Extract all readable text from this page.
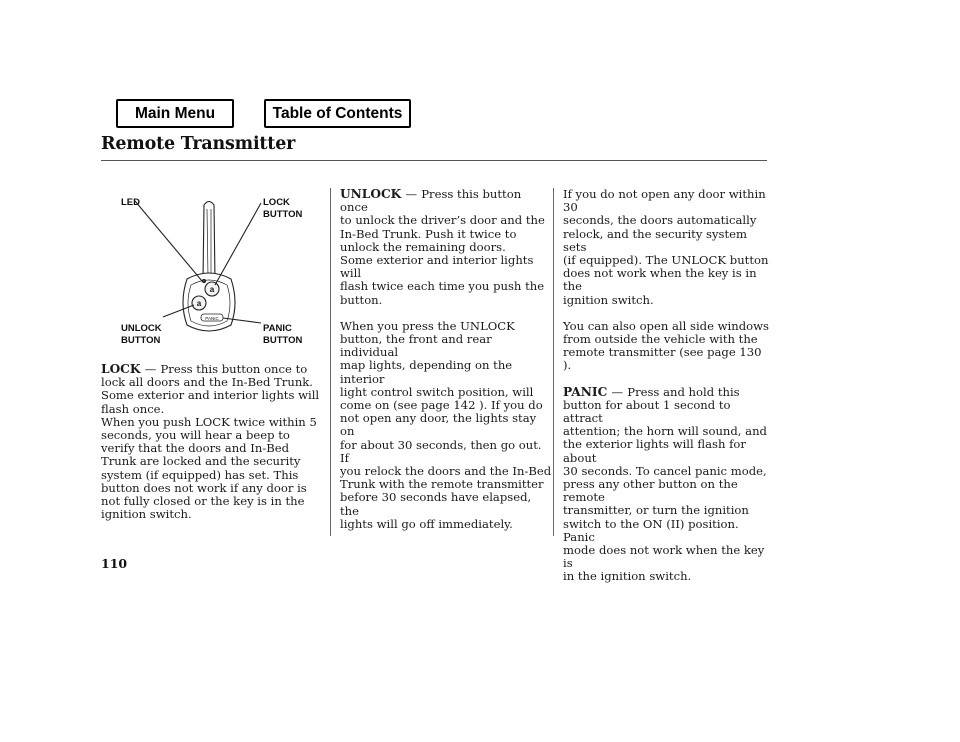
Main Menu	Table of Contents
Remote Transmitter
a
a
PANIC
LED	LOCK
BUTTON
UNLOCK
BUTTON
PANIC
BUTTON

LOCK — Press this button once to
lock all doors and the In-Bed Trunk.
Some exterior and interior lights will
flash once.
When you push LOCK twice within 5
seconds, you will hear a beep to
verify that the doors and In-Bed
Trunk are locked and the security
system (if equipped) has set. This
button does not work if any door is
not fully closed or the key is in the
ignition switch.

UNLOCK — Press this button once
to unlock the driver’s door and the
In-Bed Trunk. Push it twice to
unlock the remaining doors.
Some exterior and interior lights will
flash twice each time you push the
button.

When you press the UNLOCK
button, the front and rear individual
map lights, depending on the interior
light control switch position, will
come on (see page 142 ). If you do
not open any door, the lights stay on
for about 30 seconds, then go out. If
you relock the doors and the In-Bed
Trunk with the remote transmitter
before 30 seconds have elapsed, the
lights will go off immediately.

If you do not open any door within 30
seconds, the doors automatically
relock, and the security system sets
(if equipped). The UNLOCK button
does not work when the key is in the
ignition switch.

You can also open all side windows
from outside the vehicle with the
remote transmitter (see page 130 ).

PANIC — Press and hold this
button for about 1 second to attract
attention; the horn will sound, and
the exterior lights will flash for about
30 seconds. To cancel panic mode,
press any other button on the remote
transmitter, or turn the ignition
switch to the ON (II) position. Panic
mode does not work when the key is
in the ignition switch.

110
